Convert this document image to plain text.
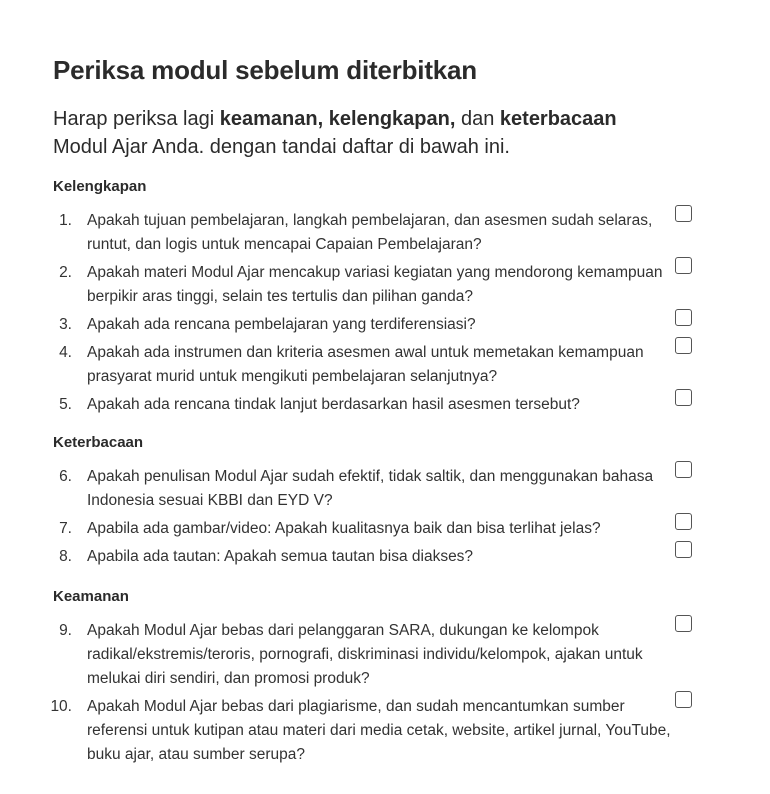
Periksa modul sebelum diterbitkan

Harap periksa lagi keamanan, kelengkapan, dan keterbacaan Modul Ajar Anda. dengan tandai daftar di bawah ini.

Kelengkapan
1. Apakah tujuan pembelajaran, langkah pembelajaran, dan asesmen sudah selaras, runtut, dan logis untuk mencapai Capaian Pembelajaran?
2. Apakah materi Modul Ajar mencakup variasi kegiatan yang mendorong kemampuan berpikir aras tinggi, selain tes tertulis dan pilihan ganda?
3. Apakah ada rencana pembelajaran yang terdiferensiasi?
4. Apakah ada instrumen dan kriteria asesmen awal untuk memetakan kemampuan prasyarat murid untuk mengikuti pembelajaran selanjutnya?
5. Apakah ada rencana tindak lanjut berdasarkan hasil asesmen tersebut?
Keterbacaan
6. Apakah penulisan Modul Ajar sudah efektif, tidak saltik, dan menggunakan bahasa Indonesia sesuai KBBI dan EYD V?
7. Apabila ada gambar/video: Apakah kualitasnya baik dan bisa terlihat jelas?
8. Apabila ada tautan: Apakah semua tautan bisa diakses?
Keamanan
9. Apakah Modul Ajar bebas dari pelanggaran SARA, dukungan ke kelompok radikal/ekstremis/teroris, pornografi, diskriminasi individu/kelompok, ajakan untuk melukai diri sendiri, dan promosi produk?
10. Apakah Modul Ajar bebas dari plagiarisme, dan sudah mencantumkan sumber referensi untuk kutipan atau materi dari media cetak, website, artikel jurnal, YouTube, buku ajar, atau sumber serupa?
